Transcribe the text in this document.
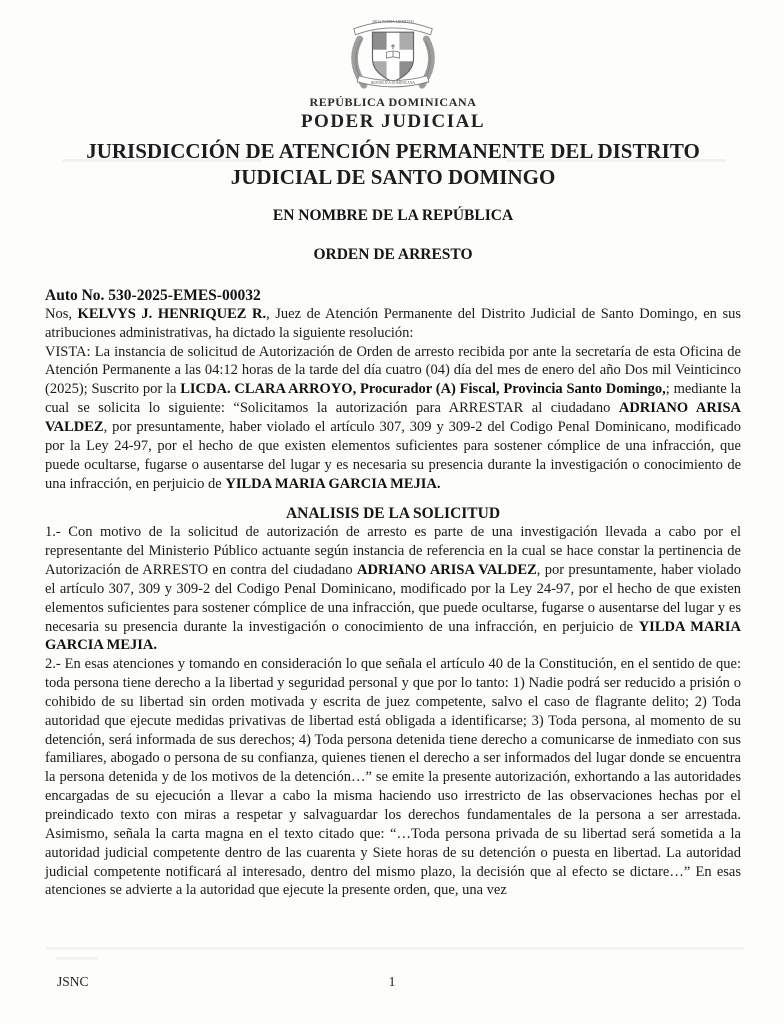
DIOS PATRIA LIBERTAD
REPÚBLICA DOMINICANA
REPÚBLICA DOMINICANA
PODER JUDICIAL
JURISDICCIÓN DE ATENCIÓN PERMANENTE DEL DISTRITO JUDICIAL DE SANTO DOMINGO
EN NOMBRE DE LA REPÚBLICA
ORDEN DE ARRESTO
Auto No. 530-2025-EMES-00032

Nos, KELVYS J. HENRIQUEZ R., Juez de Atención Permanente del Distrito Judicial de Santo Domingo, en sus atribuciones administrativas, ha dictado la siguiente resolución:

VISTA: La instancia de solicitud de Autorización de Orden de arresto recibida por ante la secretaría de esta Oficina de Atención Permanente a las 04:12 horas de la tarde del día cuatro (04) día del mes de enero del año Dos mil Veinticinco (2025); Suscrito por la LICDA. CLARA ARROYO, Procurador (A) Fiscal, Provincia Santo Domingo,; mediante la cual se solicita lo siguiente: “Solicitamos la autorización para ARRESTAR al ciudadano ADRIANO ARISA VALDEZ, por presuntamente, haber violado el artículo 307, 309 y 309-2 del Codigo Penal Dominicano, modificado por la Ley 24-97, por el hecho de que existen elementos suficientes para sostener cómplice de una infracción, que puede ocultarse, fugarse o ausentarse del lugar y es necesaria su presencia durante la investigación o conocimiento de una infracción, en perjuicio de YILDA MARIA GARCIA MEJIA.

ANALISIS DE LA SOLICITUD

1.- Con motivo de la solicitud de autorización de arresto es parte de una investigación llevada a cabo por el representante del Ministerio Público actuante según instancia de referencia en la cual se hace constar la pertinencia de Autorización de ARRESTO en contra del ciudadano ADRIANO ARISA VALDEZ, por presuntamente, haber violado el artículo 307, 309 y 309-2 del Codigo Penal Dominicano, modificado por la Ley 24-97, por el hecho de que existen elementos suficientes para sostener cómplice de una infracción, que puede ocultarse, fugarse o ausentarse del lugar y es necesaria su presencia durante la investigación o conocimiento de una infracción, en perjuicio de YILDA MARIA GARCIA MEJIA.

2.- En esas atenciones y tomando en consideración lo que señala el artículo 40 de la Constitución, en el sentido de que: toda persona tiene derecho a la libertad y seguridad personal y que por lo tanto: 1) Nadie podrá ser reducido a prisión o cohibido de su libertad sin orden motivada y escrita de juez competente, salvo el caso de flagrante delito; 2) Toda autoridad que ejecute medidas privativas de libertad está obligada a identificarse; 3) Toda persona, al momento de su detención, será informada de sus derechos; 4) Toda persona detenida tiene derecho a comunicarse de inmediato con sus familiares, abogado o persona de su confianza, quienes tienen el derecho a ser informados del lugar donde se encuentra la persona detenida y de los motivos de la detención…” se emite la presente autorización, exhortando a las autoridades encargadas de su ejecución a llevar a cabo la misma haciendo uso irrestricto de las observaciones hechas por el preindicado texto con miras a respetar y salvaguardar los derechos fundamentales de la persona a ser arrestada. Asimismo, señala la carta magna en el texto citado que: “…Toda persona privada de su libertad será sometida a la autoridad judicial competente dentro de las cuarenta y Siete horas de su detención o puesta en libertad. La autoridad judicial competente notificará al interesado, dentro del mismo plazo, la decisión que al efecto se dictare…” En esas atenciones se advierte a la autoridad que ejecute la presente orden, que, una vez

JSNC	1
